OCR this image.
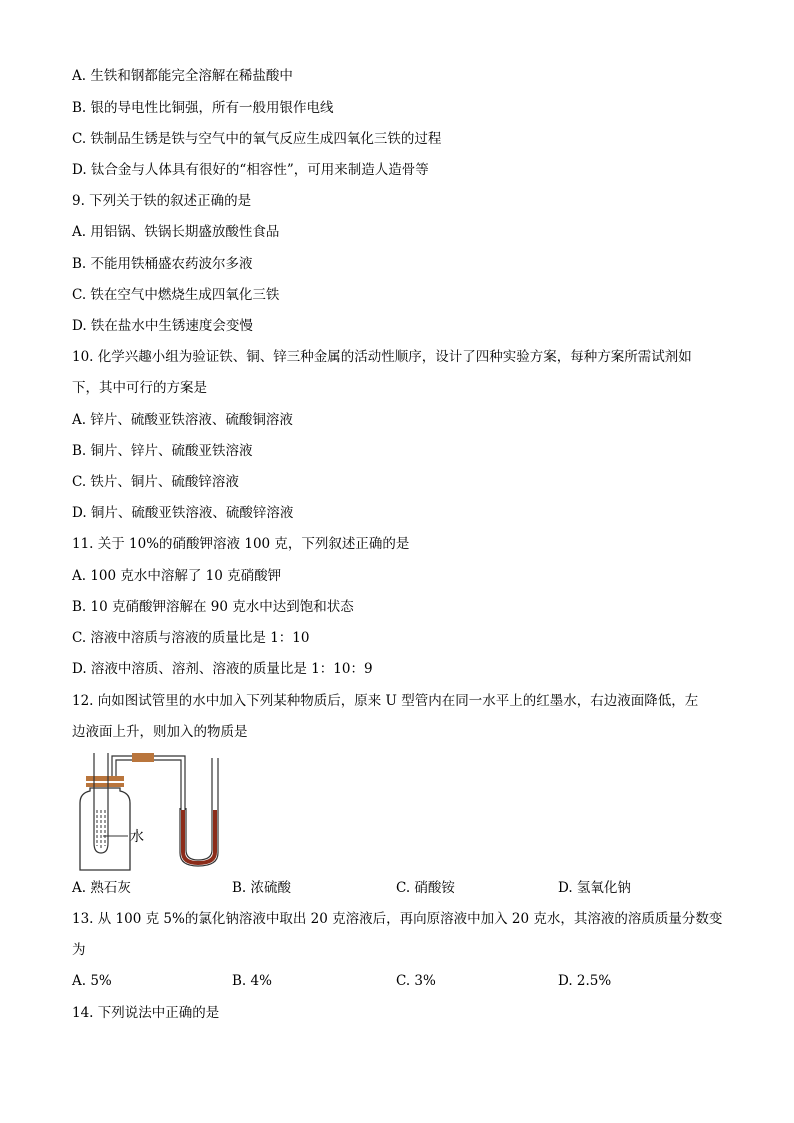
A. 生铁和钢都能完全溶解在稀盐酸中
B. 银的导电性比铜强，所有一般用银作电线
C. 铁制品生锈是铁与空气中的氧气反应生成四氧化三铁的过程
D. 钛合金与人体具有很好的“相容性”，可用来制造人造骨等
9. 下列关于铁的叙述正确的是
A. 用铝锅、铁锅长期盛放酸性食品
B. 不能用铁桶盛农药波尔多液
C. 铁在空气中燃烧生成四氧化三铁
D. 铁在盐水中生锈速度会变慢
10. 化学兴趣小组为验证铁、铜、锌三种金属的活动性顺序，设计了四种实验方案，每种方案所需试剂如
下，其中可行的方案是
A. 锌片、硫酸亚铁溶液、硫酸铜溶液
B. 铜片、锌片、硫酸亚铁溶液
C. 铁片、铜片、硫酸锌溶液
D. 铜片、硫酸亚铁溶液、硫酸锌溶液
11. 关于 10%的硝酸钾溶液 100 克，下列叙述正确的是
A. 100 克水中溶解了 10 克硝酸钾
B. 10 克硝酸钾溶解在 90 克水中达到饱和状态
C. 溶液中溶质与溶液的质量比是 1：10
D. 溶液中溶质、溶剂、溶液的质量比是 1：10：9
12. 向如图试管里的水中加入下列某种物质后，原来 U 型管内在同一水平上的红墨水，右边液面降低，左
边液面上升，则加入的物质是
13. 从 100 克 5%的氯化钠溶液中取出 20 克溶液后，再向原溶液中加入 20 克水，其溶液的溶质质量分数变
为
14. 下列说法中正确的是
A. 熟石灰	B. 浓硫酸	C. 硝酸铵	D. 氢氧化钠
A. 5%	B. 4%	C. 3%	D. 2.5%
水
